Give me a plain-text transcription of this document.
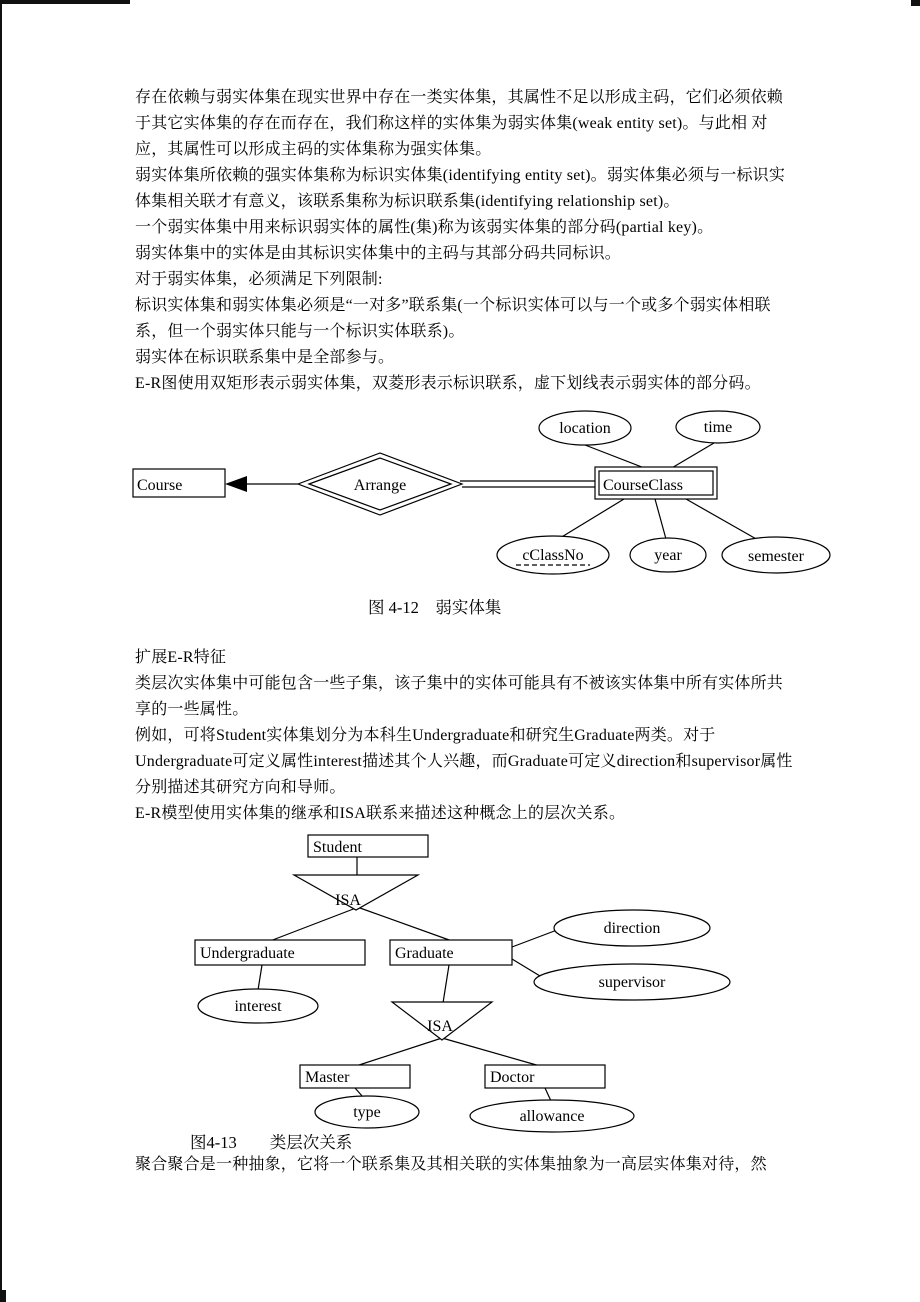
存在依赖与弱实体集在现实世界中存在一类实体集，其属性不足以形成主码，它们必须依赖于其它实体集的存在而存在，我们称这样的实体集为弱实体集(weak entity set)。与此相 对应，其属性可以形成主码的实体集称为强实体集。

弱实体集所依赖的强实体集称为标识实体集(identifying entity set)。弱实体集必须与一标识实体集相关联才有意义，该联系集称为标识联系集(identifying relationship set)。

一个弱实体集中用来标识弱实体的属性(集)称为该弱实体集的部分码(partial key)。

弱实体集中的实体是由其标识实体集中的主码与其部分码共同标识。

对于弱实体集，必须满足下列限制:

标识实体集和弱实体集必须是“一对多”联系集(一个标识实体可以与一个或多个弱实体相联系，但一个弱实体只能与一个标识实体联系)。

弱实体在标识联系集中是全部参与。

E-R图使用双矩形表示弱实体集，双菱形表示标识联系，虚下划线表示弱实体的部分码。

location	time
Course	Arrange	CourseClass
cClassNo	year	semester
图 4-12　弱实体集

扩展E-R特征

类层次实体集中可能包含一些子集，该子集中的实体可能具有不被该实体集中所有实体所共享的一些属性。

例如，可将Student实体集划分为本科生Undergraduate和研究生Graduate两类。对于Undergraduate可定义属性interest描述其个人兴趣，而Graduate可定义direction和supervisor属性分别描述其研究方向和导师。

E-R模型使用实体集的继承和ISA联系来描述这种概念上的层次关系。

Student
ISA
Undergraduate	Graduate
direction
supervisor
interest
ISA
Master	Doctor
type	allowance
图4-13　　类层次关系

聚合聚合是一种抽象，它将一个联系集及其相关联的实体集抽象为一高层实体集对待，然
